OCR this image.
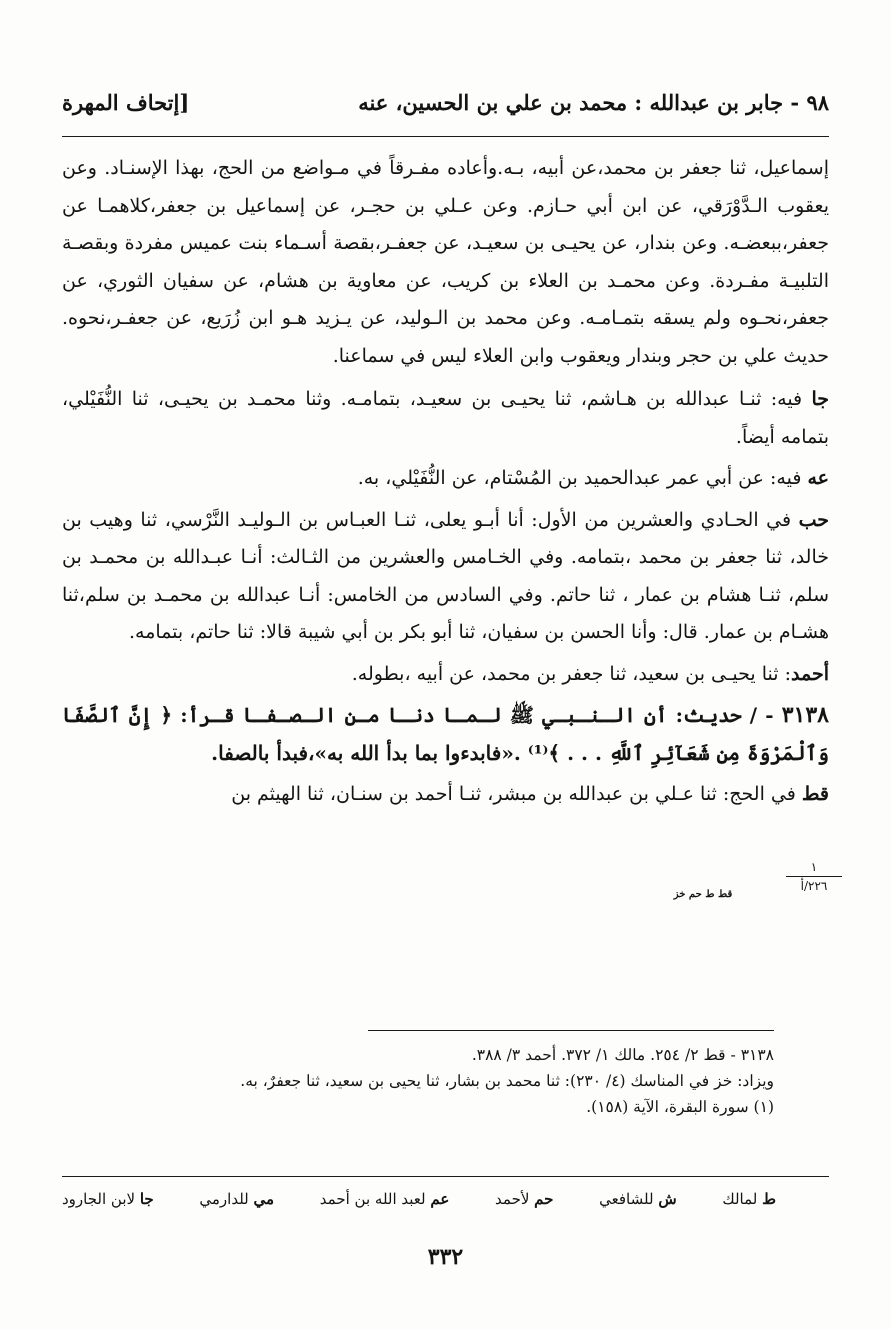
٩٨ - جابر بن عبدالله : محمد بن علي بن الحسين، عنه
[إتحاف المهرة

إسماعيل، ثنا جعفر بن محمد،عن أبيه، بـه.وأعاده مفـرقاً في مـواضع من الحج، بهذا الإسنـاد. وعن يعقوب الـدَّوْرَقي، عن ابن أبي حـازم. وعن عـلي بن حجـر، عن إسماعيل بن جعفر،كلاهمـا عن جعفر،ببعضـه. وعن بندار، عن يحيـى بن سعيـد، عن جعفـر،بقصة أسـماء بنت عميس مفردة وبقصـة التلبيـة مفـردة. وعن محمـد بن العلاء بن كريب، عن معاوية بن هشام، عن سفيان الثوري، عن جعفر،نحـوه ولم يسقه بتمـامـه. وعن محمد بن الـوليد، عن يـزيد هـو ابن زُرَيع، عن جعفـر،نحوه. حديث علي بن حجر وبندار ويعقوب وابن العلاء ليس في سماعنا.

جا فيه: ثنـا عبدالله بن هـاشم، ثنا يحيـى بن سعيـد، بتمامـه. وثنا محمـد بن يحيـى، ثنا النُّفَيْلي، بتمامه أيضاً.

عه فيه: عن أبي عمر عبدالحميد بن المُسْتام، عن النُّفَيْلي، به.

حب في الحـادي والعشرين من الأول: أنا أبـو يعلى، ثنـا العبـاس بن الـوليـد النَّرْسي، ثنا وهيب بن خالد، ثنا جعفر بن محمد ،بتمامه. وفي الخـامس والعشرين من الثـالث: أنـا عبـدالله بن محمـد بن سلم، ثنـا هشام بن عمار ، ثنا حاتم. وفي السادس من الخامس: أنـا عبدالله بن محمـد بن سلم،ثنا هشـام بن عمار. قال: وأنا الحسن بن سفيان، ثنا أبو بكر بن أبي شيبة قالا: ثنا حاتم، بتمامه.

أحمد: ثنا يحيـى بن سعيد، ثنا جعفر بن محمد، عن أبيه ،بطوله.

٣١٣٨ - / حديث: أن الـنـبـي ﷺ لـمـا دنـا مـن الـصـفـا قـرأ: ﴿ إِنَّ ٱلصَّفَا وَٱلْمَرْوَةَ مِن شَعَآئِرِ ٱللَّهِ . . . ﴾⁽¹⁾ .«فابدءوا بما بدأ الله به»،فبدأ بالصفا.

قط في الحج: ثنا عـلي بن عبدالله بن مبشر، ثنـا أحمد بن سنـان، ثنا الهيثم بن

قط ط حم خز
١
٢٢٦/أ

٣١٣٨ - قط ٢/ ٢٥٤. مالك ١/ ٣٧٢. أحمد ٣/ ٣٨٨.

ويزاد: خز في المناسك (٤/ ٢٣٠): ثنا محمد بن بشار، ثنا يحيى بن سعيد، ثنا جعفرٌ، به.

(١) سورة البقرة، الآية (١٥٨).

ط لمالك
ش للشافعي
حم لأحمد
عم لعبد الله بن أحمد
مي للدارمي
جا لابن الجارود
٣٣٢
